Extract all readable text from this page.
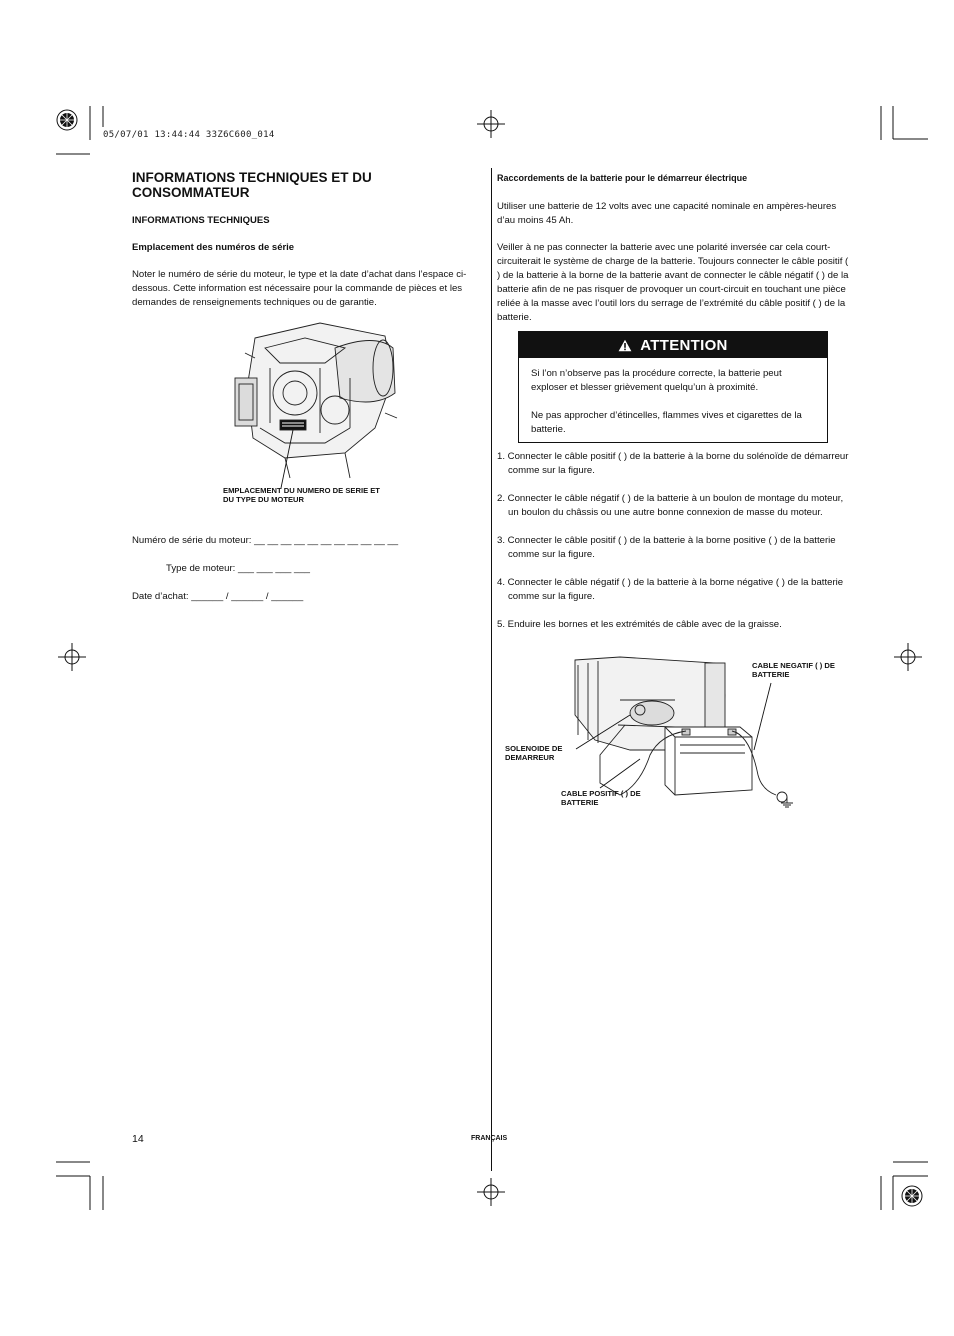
05/07/01 13:44:44 33Z6C600_014
INFORMATIONS TECHNIQUES ET DU CONSOMMATEUR
INFORMATIONS TECHNIQUES
Emplacement des numéros de série
Noter le numéro de série du moteur, le type et la date d’achat dans l’espace ci-dessous. Cette information est nécessaire pour la commande de pièces et les demandes de renseignements techniques ou de garantie.
EMPLACEMENT DU NUMERO DE SERIE ET DU TYPE DU MOTEUR
Numéro de série du moteur: __ __ __ __ __ __ __ __ __ __ __
Type de moteur: ___ ___ ___ ___
Date d’achat: ______ / ______ / ______
Raccordements de la batterie pour le démarreur électrique
Utiliser une batterie de 12 volts avec une capacité nominale en ampères-heures d’au moins 45 Ah.
Veiller à ne pas connecter la batterie avec une polarité inversée car cela court-circuiterait le système de charge de la batterie. Toujours connecter le câble positif ( ) de la batterie à la borne de la batterie avant de connecter le câble négatif ( ) de la batterie afin de ne pas risquer de provoquer un court-circuit en touchant une pièce reliée à la masse avec l’outil lors du serrage de l’extrémité du câble positif ( ) de la batterie.
ATTENTION

Si l’on n’observe pas la procédure correcte, la batterie peut exploser et blesser grièvement quelqu’un à proximité.

Ne pas approcher d’étincelles, flammes vives et cigarettes de la batterie.

1. Connecter le câble positif ( ) de la batterie à la borne du solénoïde de démarreur comme sur la figure.
2. Connecter le câble négatif ( ) de la batterie à un boulon de montage du moteur, un boulon du châssis ou une autre bonne connexion de masse du moteur.
3. Connecter le câble positif ( ) de la batterie à la borne positive ( ) de la batterie comme sur la figure.
4. Connecter le câble négatif ( ) de la batterie à la borne négative ( ) de la batterie comme sur la figure.
5. Enduire les bornes et les extrémités de câble avec de la graisse.
CABLE NEGATIF ( ) DE BATTERIE
SOLENOIDE DE DEMARREUR
CABLE POSITIF ( ) DE BATTERIE
14	FRANÇAIS
